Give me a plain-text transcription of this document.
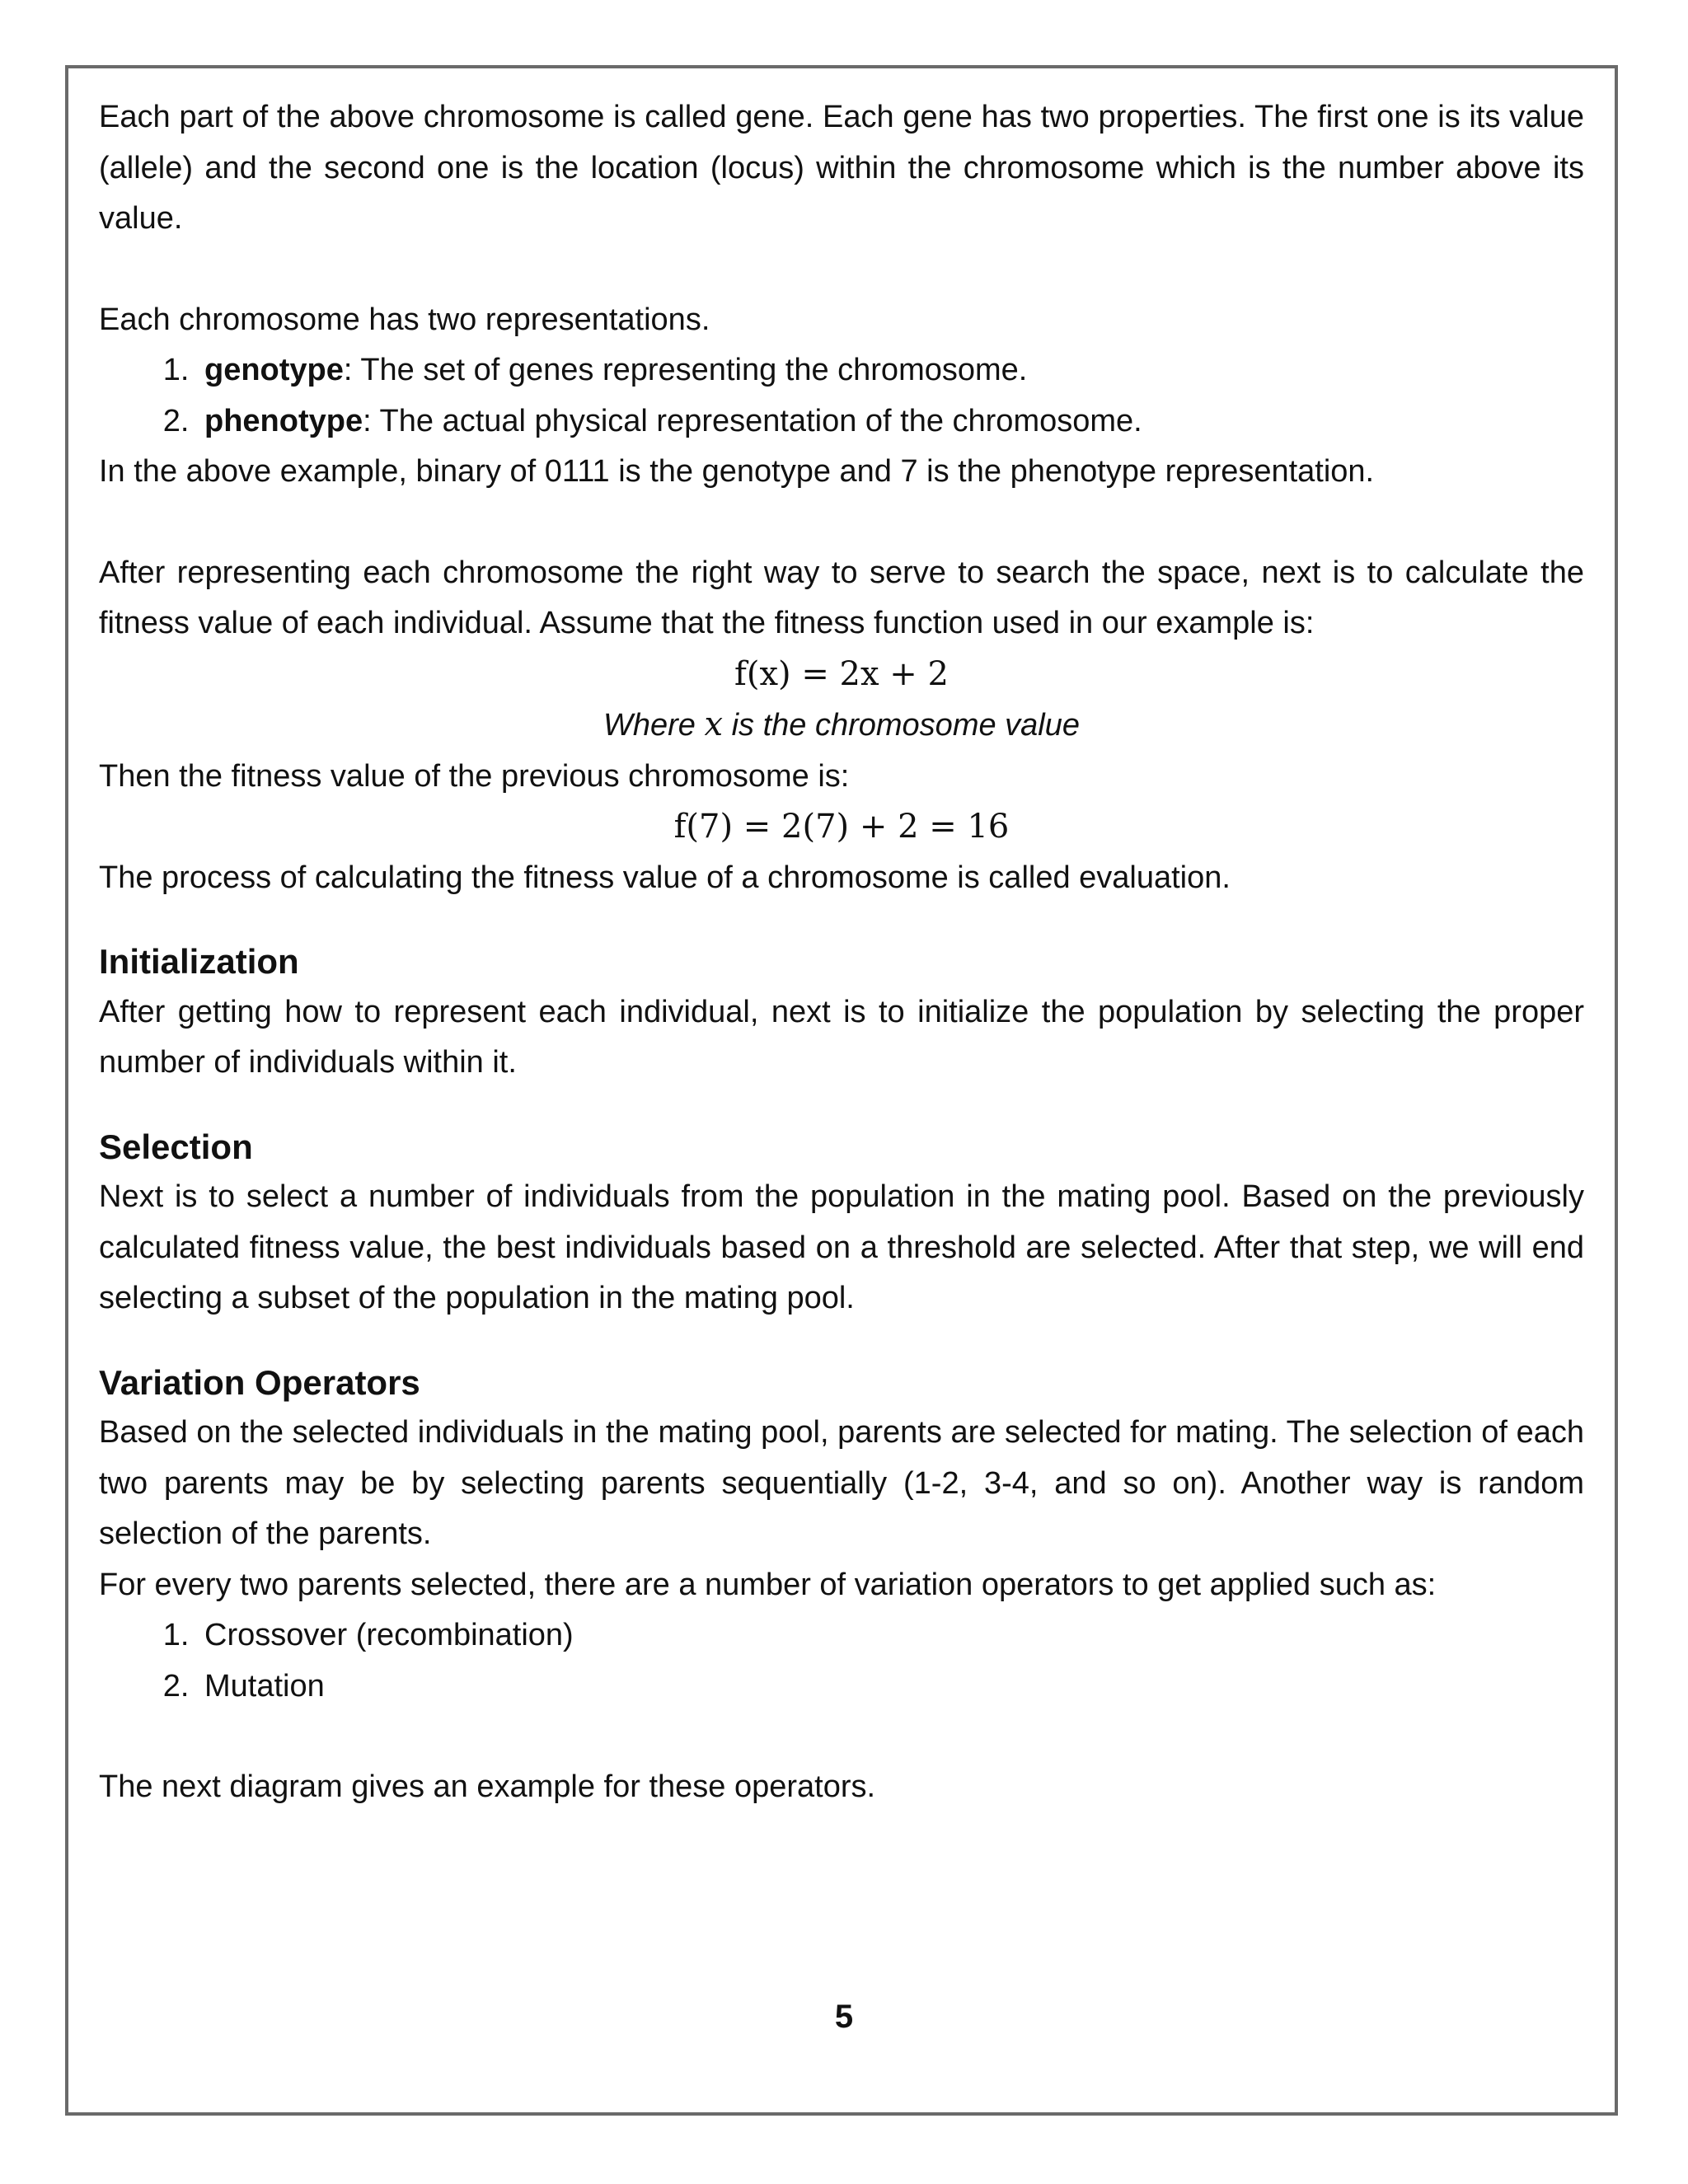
Each part of the above chromosome is called gene. Each gene has two properties. The first one is its value (allele) and the second one is the location (locus) within the chromosome which is the number above its value.

Each chromosome has two representations.

1. genotype: The set of genes representing the chromosome.
2. phenotype: The actual physical representation of the chromosome.

In the above example, binary of 0111 is the genotype and 7 is the phenotype representation.

After representing each chromosome the right way to serve to search the space, next is to calculate the fitness value of each individual. Assume that the fitness function used in our example is:

f(x) = 2x + 2

Where x is the chromosome value

Then the fitness value of the previous chromosome is:

f(7) = 2(7) + 2 = 16

The process of calculating the fitness value of a chromosome is called evaluation.

Initialization

After getting how to represent each individual, next is to initialize the population by selecting the proper number of individuals within it.

Selection

Next is to select a number of individuals from the population in the mating pool. Based on the previously calculated fitness value, the best individuals based on a threshold are selected. After that step, we will end selecting a subset of the population in the mating pool.

Variation Operators

Based on the selected individuals in the mating pool, parents are selected for mating. The selection of each two parents may be by selecting parents sequentially (1-2, 3-4, and so on). Another way is random selection of the parents.

For every two parents selected, there are a number of variation operators to get applied such as:

1. Crossover (recombination)
2. Mutation

The next diagram gives an example for these operators.

5
